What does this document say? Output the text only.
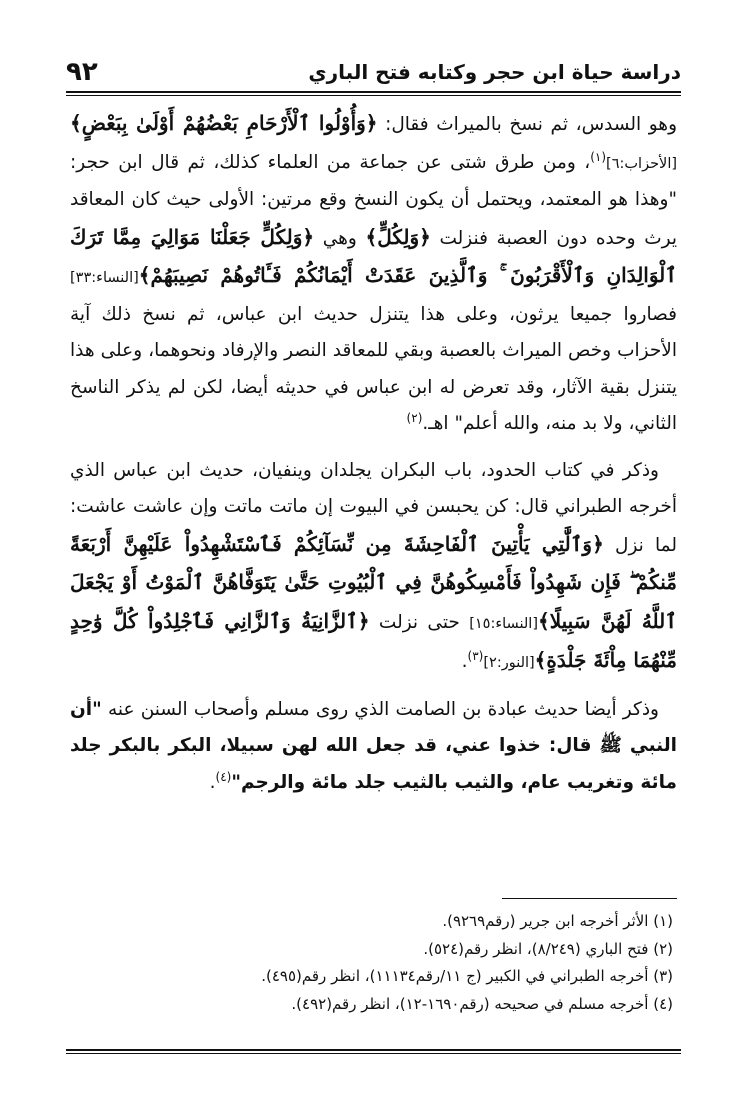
دراسة حياة ابن حجر وكتابه فتح الباري
٩٢

وهو السدس، ثم نسخ بالميراث فقال: ﴿وَأُوْلُوا ٱلْأَرْحَامِ بَعْضُهُمْ أَوْلَىٰ بِبَعْضٍ﴾ [الأحزاب:٦]$^{(١)}$، ومن طرق شتى عن جماعة من العلماء كذلك، ثم قال ابن حجر: "وهذا هو المعتمد، ويحتمل أن يكون النسخ وقع مرتين: الأولى حيث كان المعاقد يرث وحده دون العصبة فنزلت ﴿وَلِكُلٍّ﴾ وهي ﴿وَلِكُلٍّ جَعَلْنَا مَوَالِيَ مِمَّا تَرَكَ ٱلْوَالِدَانِ وَٱلْأَقْرَبُونَ ۚ وَٱلَّذِينَ عَقَدَتْ أَيْمَانُكُمْ فَـَٔاتُوهُمْ نَصِيبَهُمْ﴾[النساء:٣٣] فصاروا جميعا يرثون، وعلى هذا يتنزل حديث ابن عباس، ثم نسخ ذلك آية الأحزاب وخص الميراث بالعصبة وبقي للمعاقد النصر والإرفاد ونحوهما، وعلى هذا يتنزل بقية الآثار، وقد تعرض له ابن عباس في حديثه أيضا، لكن لم يذكر الناسخ الثاني، ولا بد منه، والله أعلم" اهـ.$^{(٢)}$

وذكر في كتاب الحدود، باب البكران يجلدان وينفيان، حديث ابن عباس الذي أخرجه الطبراني قال: كن يحبسن في البيوت إن ماتت ماتت وإن عاشت عاشت: لما نزل ﴿وَٱلَّٰتِي يَأْتِينَ ٱلْفَاحِشَةَ مِن نِّسَآئِكُمْ فَٱسْتَشْهِدُواْ عَلَيْهِنَّ أَرْبَعَةً مِّنكُمْ ۖ فَإِن شَهِدُواْ فَأَمْسِكُوهُنَّ فِي ٱلْبُيُوتِ حَتَّىٰ يَتَوَفَّاهُنَّ ٱلْمَوْتُ أَوْ يَجْعَلَ ٱللَّهُ لَهُنَّ سَبِيلًا﴾[النساء:١٥] حتى نزلت ﴿ٱلزَّانِيَةُ وَٱلزَّانِي فَٱجْلِدُواْ كُلَّ وَٰحِدٍ مِّنْهُمَا مِاْئَةَ جَلْدَةٍ﴾[النور:٢]$^{(٣)}$.

وذكر أيضا حديث عبادة بن الصامت الذي روى مسلم وأصحاب السنن عنه "أن النبي ﷺ قال: خذوا عني، قد جعل الله لهن سبيلا، البكر بالبكر جلد مائة وتغريب عام، والثيب بالثيب جلد مائة والرجم"$^{(٤)}$.

(١) الأثر أخرجه ابن جرير (رقم٩٢٦٩).

(٢) فتح الباري (٨/٢٤٩)، انظر رقم(٥٢٤).

(٣) أخرجه الطبراني في الكبير (ج ١١/رقم١١١٣٤)، انظر رقم(٤٩٥).

(٤) أخرجه مسلم في صحيحه (رقم١٦٩٠-١٢)، انظر رقم(٤٩٢).
